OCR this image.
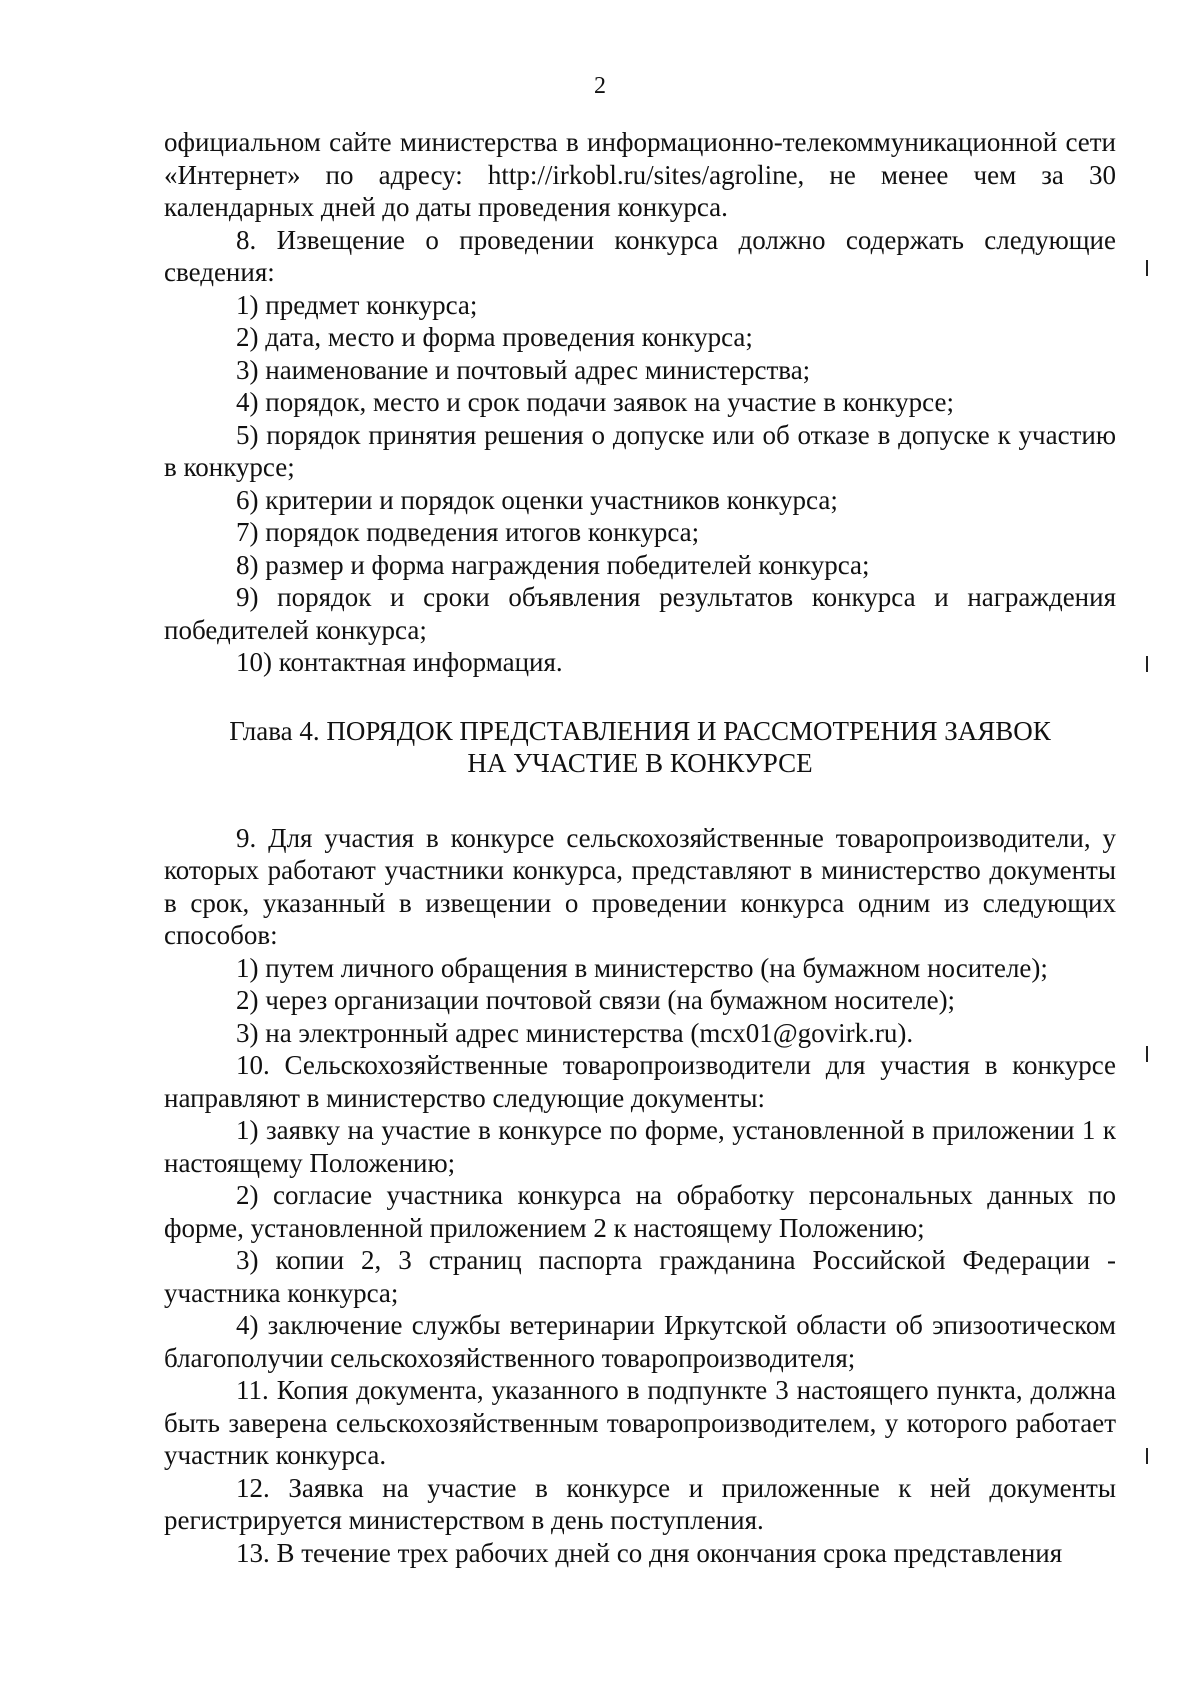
2

официальном сайте министерства в информационно-телекоммуникационной сети «Интернет» по адресу: http://irkobl.ru/sites/agroline, не менее чем за 30 календарных дней до даты проведения конкурса.

8. Извещение о проведении конкурса должно содержать следующие сведения:

1) предмет конкурса;

2) дата, место и форма проведения конкурса;

3) наименование и почтовый адрес министерства;

4) порядок, место и срок подачи заявок на участие в конкурсе;

5) порядок принятия решения о допуске или об отказе в допуске к участию в конкурсе;

6) критерии и порядок оценки участников конкурса;

7) порядок подведения итогов конкурса;

8) размер и форма награждения победителей конкурса;

9) порядок и сроки объявления результатов конкурса и награждения победителей конкурса;

10) контактная информация.

Глава 4. ПОРЯДОК ПРЕДСТАВЛЕНИЯ И РАССМОТРЕНИЯ ЗАЯВОК
НА УЧАСТИЕ В КОНКУРСЕ

9. Для участия в конкурсе сельскохозяйственные товаропроизводители, у которых работают участники конкурса, представляют в министерство документы в срок, указанный в извещении о проведении конкурса одним из следующих способов:

1) путем личного обращения в министерство (на бумажном носителе);

2) через организации почтовой связи (на бумажном носителе);

3) на электронный адрес министерства (mcx01@govirk.ru).

10. Сельскохозяйственные товаропроизводители для участия в конкурсе направляют в министерство следующие документы:

1) заявку на участие в конкурсе по форме, установленной в приложении 1 к настоящему Положению;

2) согласие участника конкурса на обработку персональных данных по форме, установленной приложением 2 к настоящему Положению;

3) копии 2, 3 страниц паспорта гражданина Российской Федерации - участника конкурса;

4) заключение службы ветеринарии Иркутской области об эпизоотическом благополучии сельскохозяйственного товаропроизводителя;

11. Копия документа, указанного в подпункте 3 настоящего пункта, должна быть заверена сельскохозяйственным товаропроизводителем, у которого работает участник конкурса.

12. Заявка на участие в конкурсе и приложенные к ней документы регистрируется министерством в день поступления.

13. В течение трех рабочих дней со дня окончания срока представления
